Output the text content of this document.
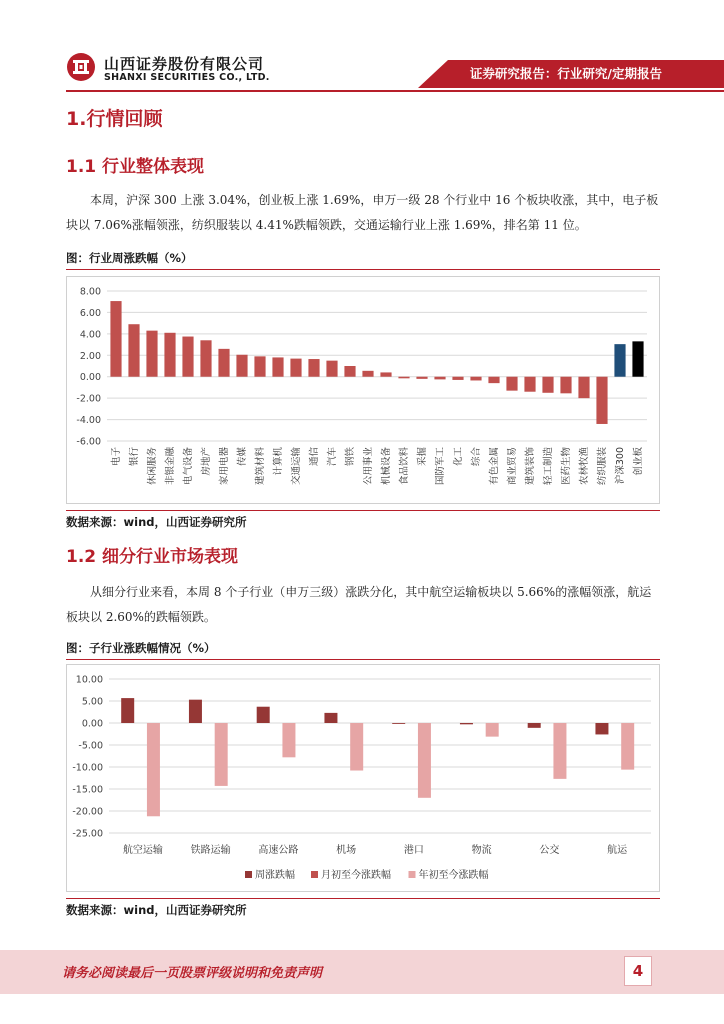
山西证券股份有限公司
SHANXI SECURITIES CO., LTD.	证券研究报告：行业研究/定期报告
1.行情回顾
1.1 行业整体表现
本周，沪深 300 上涨 3.04%，创业板上涨 1.69%，申万一级 28 个行业中 16 个板块收涨，其中，电子板块以 7.06%涨幅领涨，纺织服装以 4.41%跌幅领跌，交通运输行业上涨 1.69%，排名第 11 位。
图：行业周涨跌幅（%）
8.00
6.00
4.00
2.00
0.00
-2.00
-4.00
-6.00
电子 银行 休闲服务 非银金融 电气设备 房地产 家用电器 传媒 建筑材料 计算机 交通运输 通信 汽车 钢铁 公用事业 机械设备 食品饮料 采掘 国防军工 化工 综合 有色金属 商业贸易 建筑装饰 轻工制造 医药生物 农林牧渔 纺织服装 沪深300 创业板
数据来源：wind，山西证券研究所
1.2 细分行业市场表现
从细分行业来看，本周 8 个子行业（申万三级）涨跌分化，其中航空运输板块以 5.66%的涨幅领涨，航运板块以 2.60%的跌幅领跌。
图：子行业涨跌幅情况（%）
10.00
5.00
0.00
-5.00
-10.00
-15.00
-20.00
-25.00
航空运输	铁路运输	高速公路	机场	港口	物流	公交	航运
周涨跌幅	月初至今涨跌幅	年初至今涨跌幅
数据来源：wind，山西证券研究所
请务必阅读最后一页股票评级说明和免责声明	4
